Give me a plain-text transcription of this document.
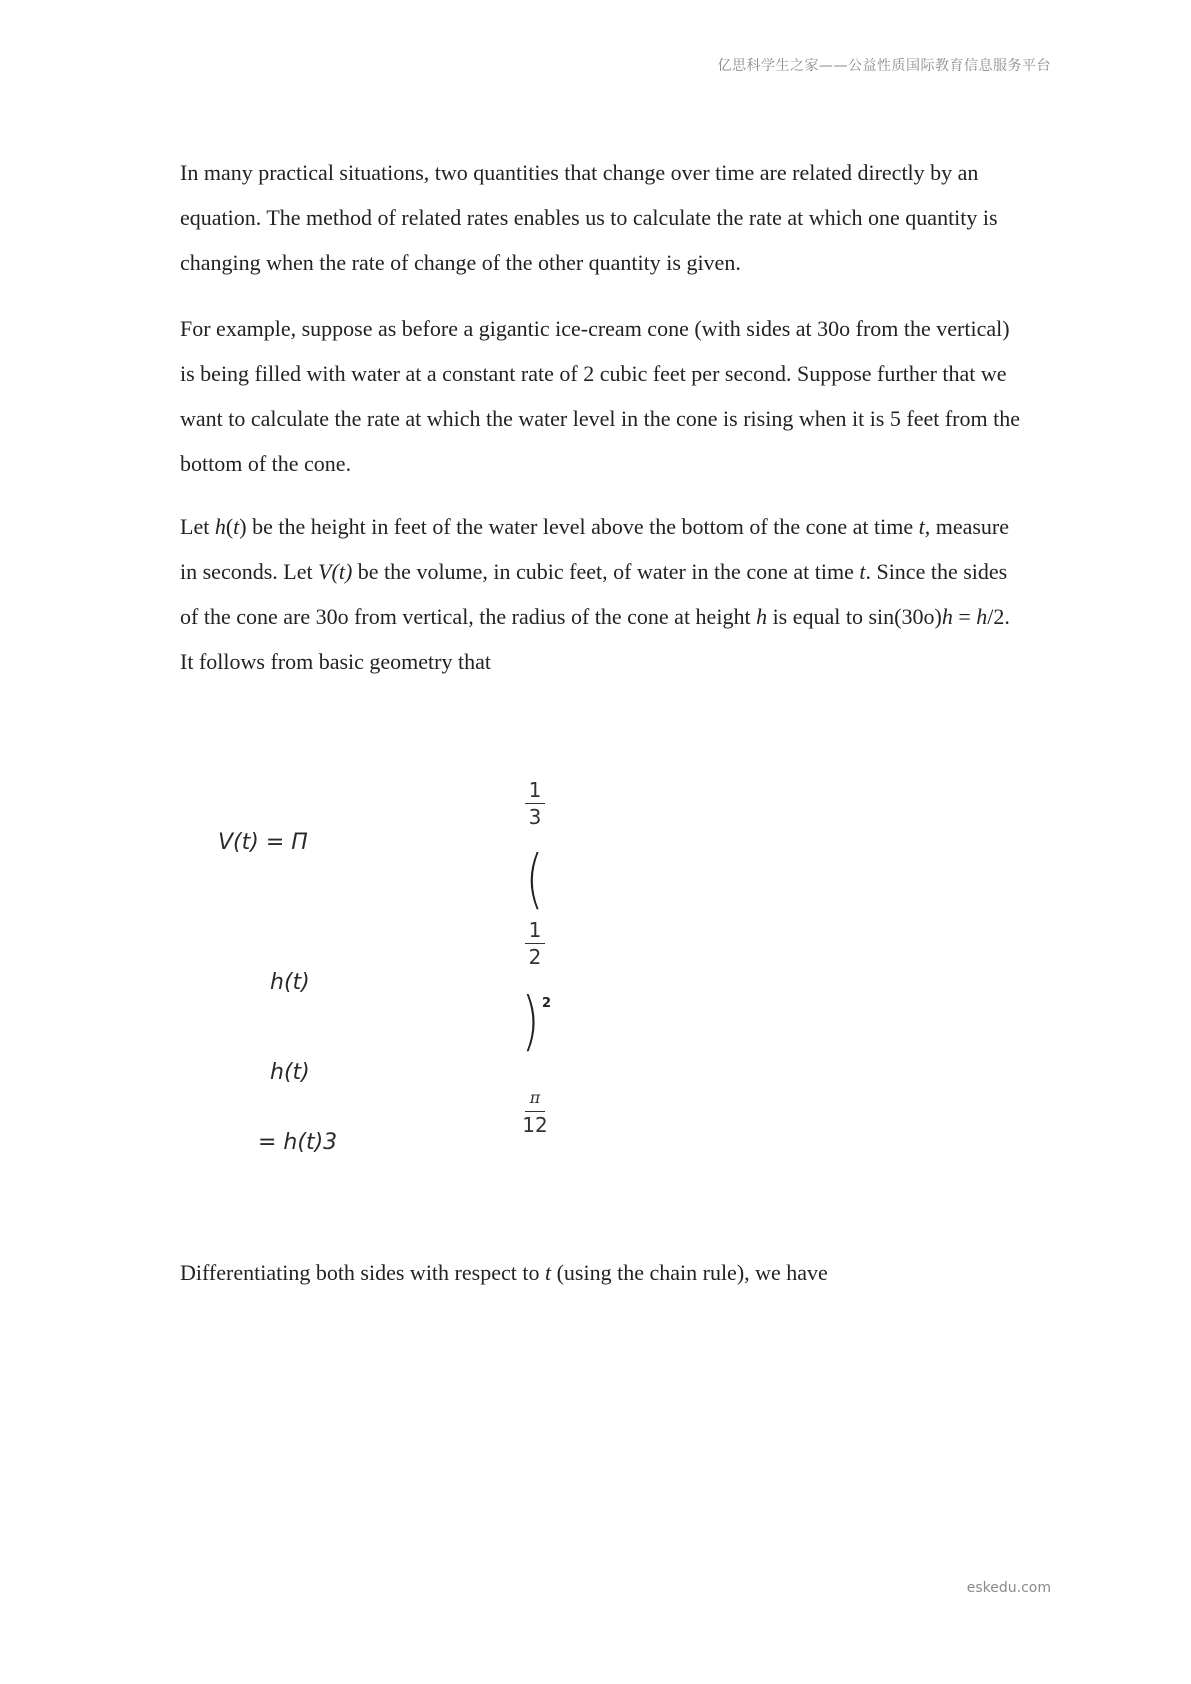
亿思科学生之家——公益性质国际教育信息服务平台

In many practical situations, two quantities that change over time are related directly by an equation. The method of related rates enables us to calculate the rate at which one quantity is changing when the rate of change of the other quantity is given.

For example, suppose as before a gigantic ice-cream cone (with sides at 30o from the vertical) is being filled with water at a constant rate of 2 cubic feet per second. Suppose further that we want to calculate the rate at which the water level in the cone is rising when it is 5 feet from the bottom of the cone.

Let h(t) be the height in feet of the water level above the bottom of the cone at time t, measure in seconds. Let V(t) be the volume, in cubic feet, of water in the cone at time t. Since the sides of the cone are 30o from vertical, the radius of the cone at height h is equal to sin(30o)h = h/2. It follows from basic geometry that

V(t) = Π
h(t)
h(t)
= h(t)3
1
3
(
1
2
) 2
π
12

Differentiating both sides with respect to t (using the chain rule), we have

eskedu.com
